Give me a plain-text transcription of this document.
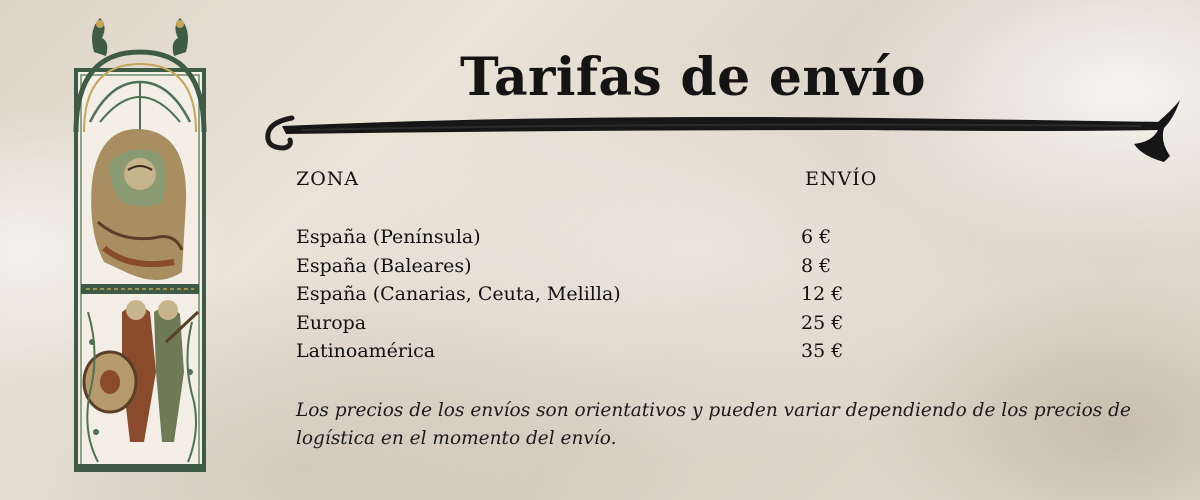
Tarifas de envío
ZONA	ENVÍO
España (Península)	6 €
España (Baleares)	8 €
España (Canarias, Ceuta, Melilla)	12 €
Europa	25 €
Latinoamérica	35 €
Los precios de los envíos son orientativos y pueden variar dependiendo de los precios de logística en el momento del envío.
